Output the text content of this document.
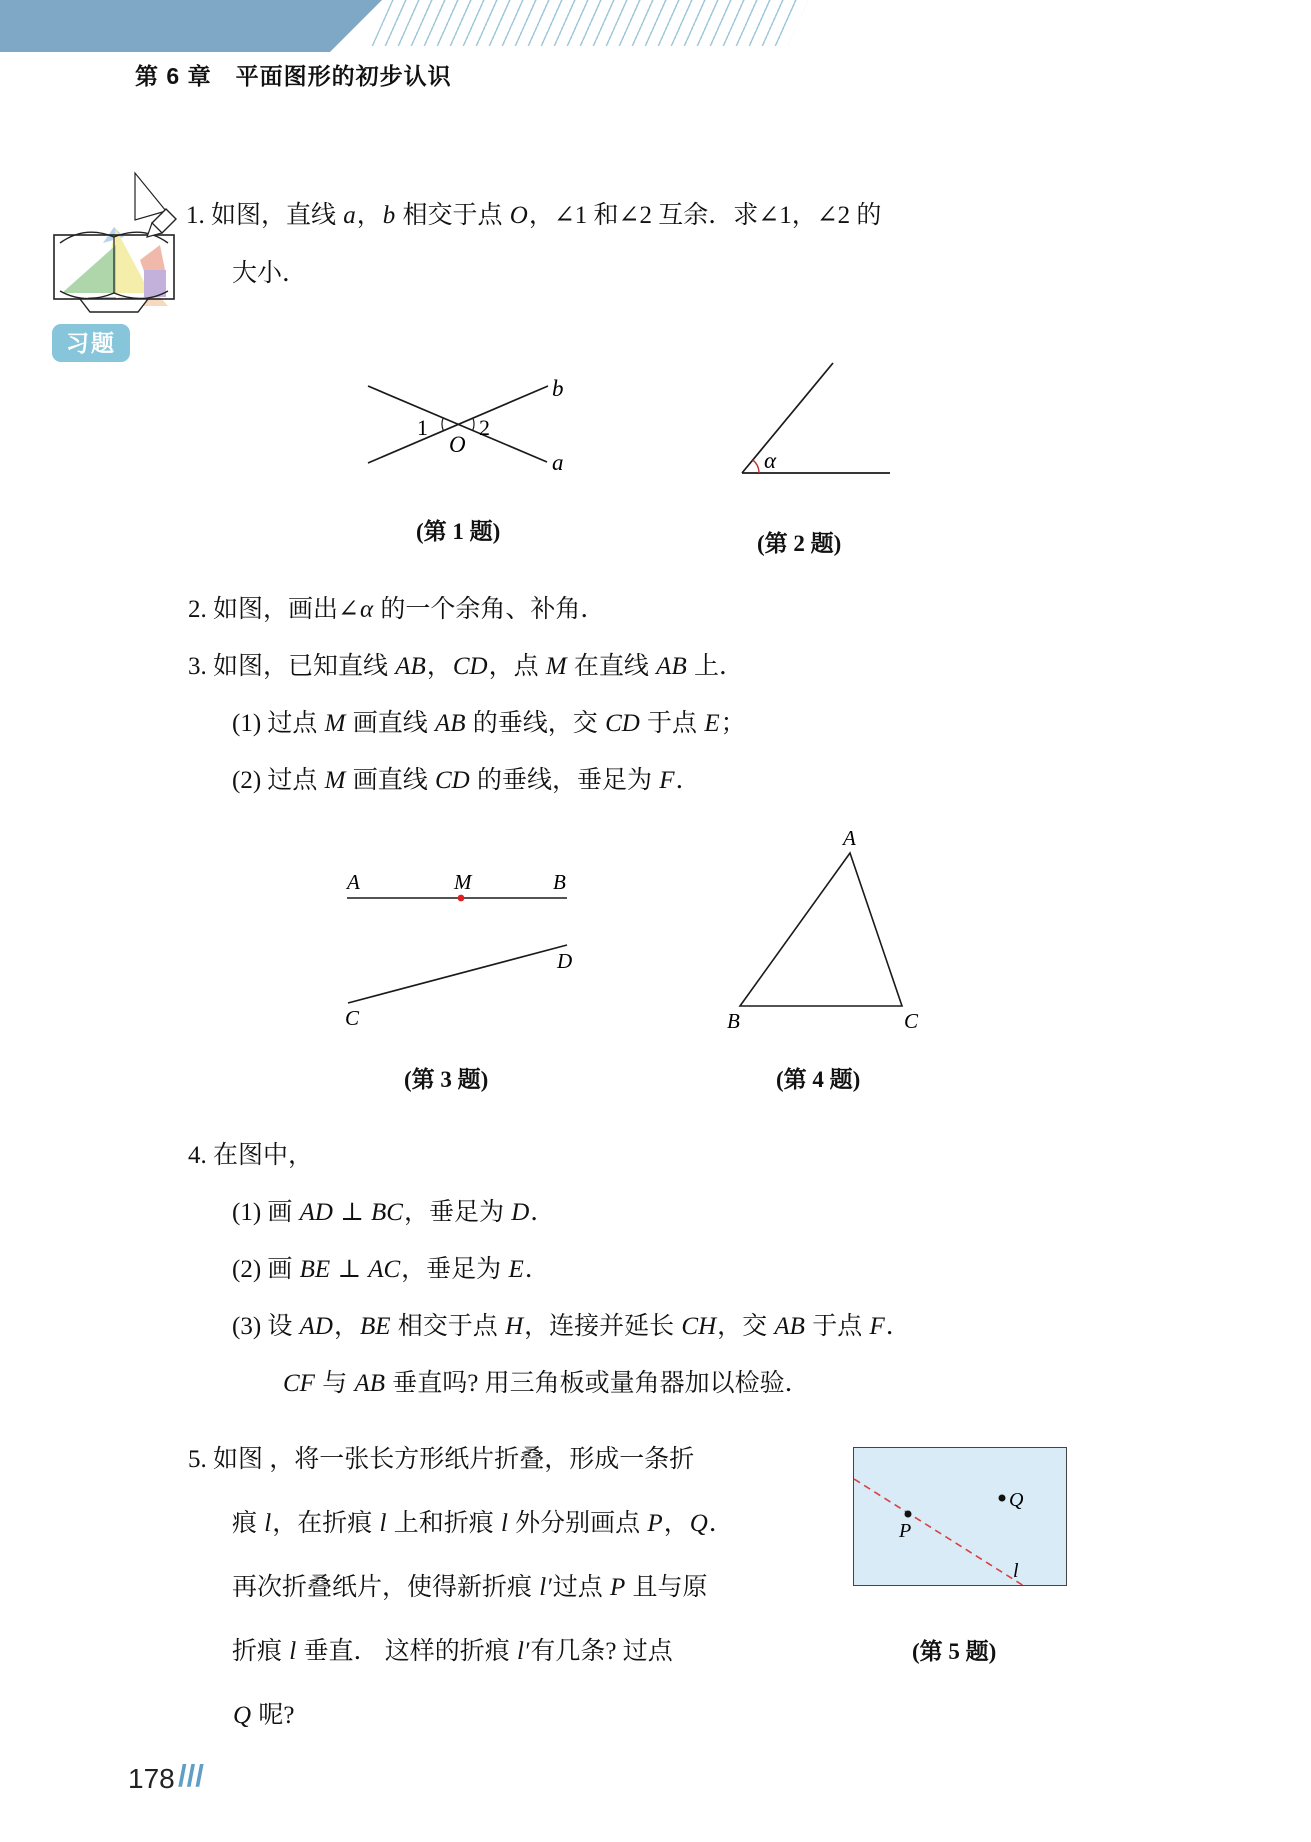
第 6 章　平面图形的初步认识
习题
1. 如图，直线 a，b 相交于点 O，∠1 和∠2 互余．求∠1，∠2 的
大小．
2. 如图，画出∠α 的一个余角、补角．
3. 如图，已知直线 AB，CD，点 M 在直线 AB 上．
(1) 过点 M 画直线 AB 的垂线，交 CD 于点 E；
(2) 过点 M 画直线 CD 的垂线，垂足为 F．
4. 在图中，
(1) 画 AD ⊥ BC，垂足为 D．
(2) 画 BE ⊥ AC，垂足为 E．
(3) 设 AD，BE 相交于点 H，连接并延长 CH，交 AB 于点 F．
CF 与 AB 垂直吗? 用三角板或量角器加以检验．
5. 如图 ，将一张长方形纸片折叠，形成一条折
痕 l，在折痕 l 上和折痕 l 外分别画点 P，Q．
再次折叠纸片，使得新折痕 l′过点 P 且与原
折痕 l 垂直． 这样的折痕 l′有几条? 过点
Q 呢?
1 2
O
b
a
(第 1 题)
α
(第 2 题)
A	M	B
C
D
(第 3 题)
A
B	C
(第 4 题)
P
Q
l
(第 5 题)
178 ///
